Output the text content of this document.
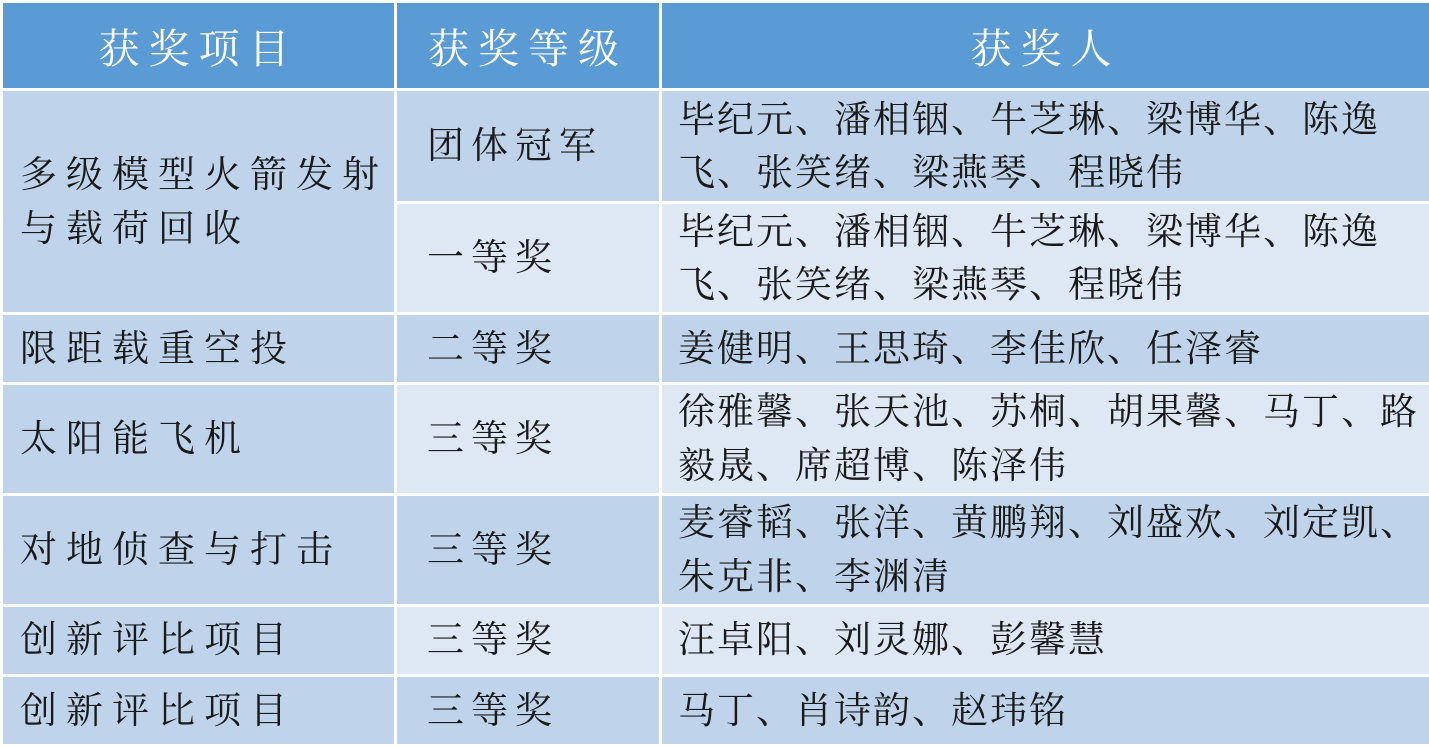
获奖项目	获奖等级	获奖人
多级模型火箭发射与载荷回收	团体冠军	毕纪元、潘相铟、牛芝琳、梁博华、陈逸飞、张笑绪、梁燕琴、程晓伟
	一等奖	毕纪元、潘相铟、牛芝琳、梁博华、陈逸飞、张笑绪、梁燕琴、程晓伟
限距载重空投	二等奖	姜健明、王思琦、李佳欣、任泽睿
太阳能飞机	三等奖	徐雅馨、张天池、苏桐、胡果馨、马丁、路毅晟、席超博、陈泽伟
对地侦查与打击	三等奖	麦睿韬、张洋、黄鹏翔、刘盛欢、刘定凯、朱克非、李渊清
创新评比项目	三等奖	汪卓阳、刘灵娜、彭馨慧
创新评比项目	三等奖	马丁、肖诗韵、赵玮铭
